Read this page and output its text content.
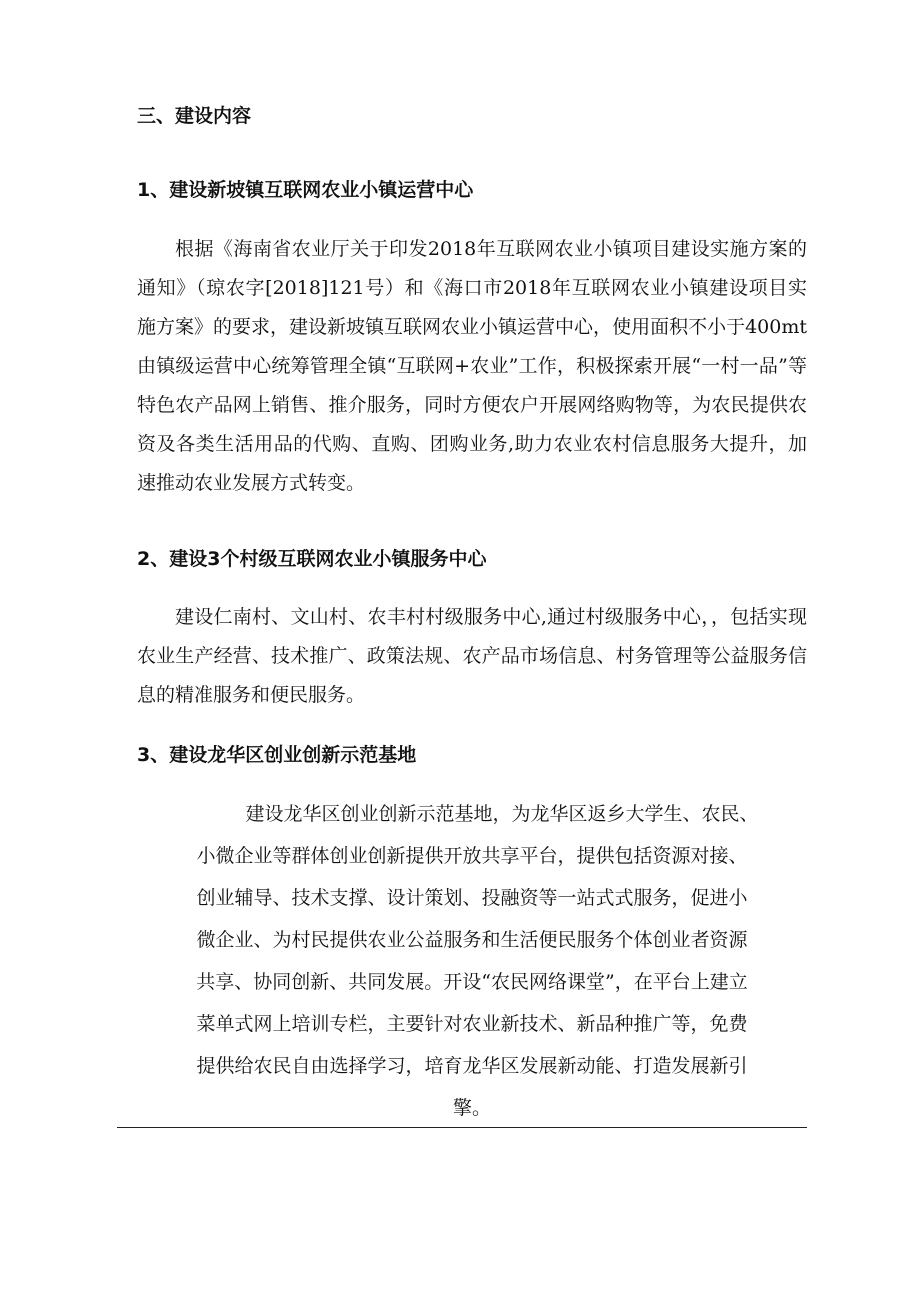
三、建设内容
1、建设新坡镇互联网农业小镇运营中心

根据《海南省农业厅关于印发2018年互联网农业小镇项目建设实施方案的通知》（琼农字[2018]121号）和《海口市2018年互联网农业小镇建设项目实施方案》的要求，建设新坡镇互联网农业小镇运营中心，使用面积不小于400mt由镇级运营中心统筹管理全镇“互联网+农业”工作，积极探索开展“一村一品”等特色农产品网上销售、推介服务，同时方便农户开展网络购物等，为农民提供农资及各类生活用品的代购、直购、团购业务,助力农业农村信息服务大提升，加速推动农业发展方式转变。

2、建设3个村级互联网农业小镇服务中心

建设仁南村、文山村、农丰村村级服务中心,通过村级服务中心，，包括实现农业生产经营、技术推广、政策法规、农产品市场信息、村务管理等公益服务信息的精准服务和便民服务。

3、建设龙华区创业创新示范基地
建设龙华区创业创新示范基地，为龙华区返乡大学生、农民、
小微企业等群体创业创新提供开放共享平台，提供包括资源对接、
创业辅导、技术支撑、设计策划、投融资等一站式式服务，促进小
微企业、为村民提供农业公益服务和生活便民服务个体创业者资源
共享、协同创新、共同发展。开设“农民网络课堂”，在平台上建立
菜单式网上培训专栏，主要针对农业新技术、新品种推广等，免费
提供给农民自由选择学习，培育龙华区发展新动能、打造发展新引
擎。
